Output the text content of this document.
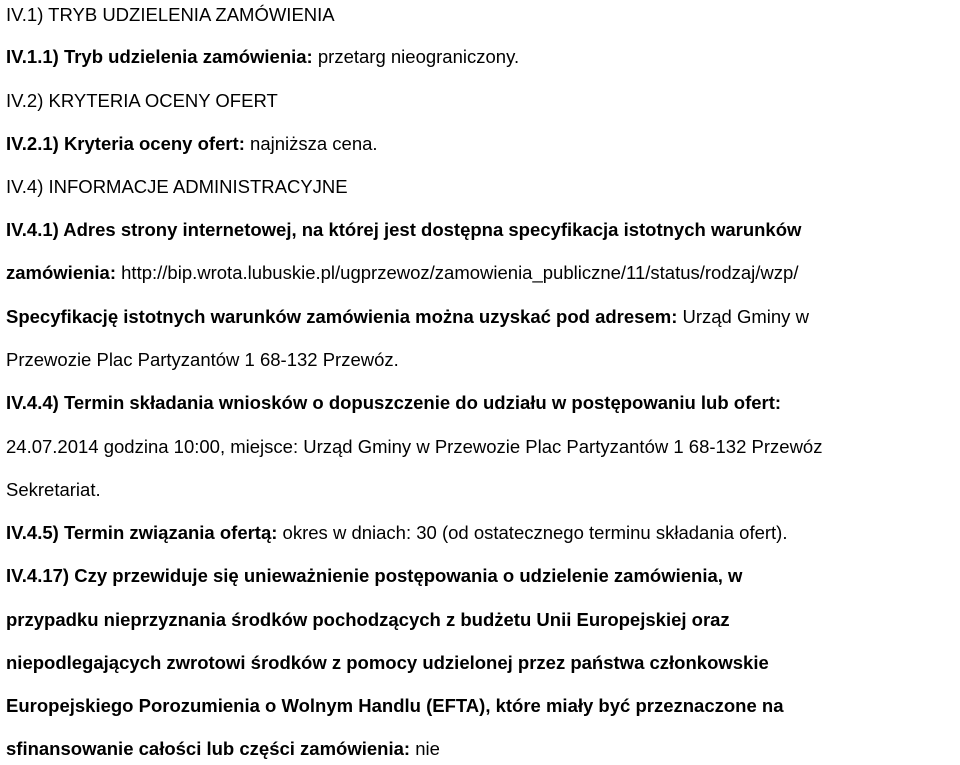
IV.1) TRYB UDZIELENIA ZAMÓWIENIA
IV.1.1) Tryb udzielenia zamówienia: przetarg nieograniczony.
IV.2) KRYTERIA OCENY OFERT
IV.2.1) Kryteria oceny ofert: najniższa cena.
IV.4) INFORMACJE ADMINISTRACYJNE
IV.4.1) Adres strony internetowej, na której jest dostępna specyfikacja istotnych warunków
zamówienia: http://bip.wrota.lubuskie.pl/ugprzewoz/zamowienia_publiczne/11/status/rodzaj/wzp/
Specyfikację istotnych warunków zamówienia można uzyskać pod adresem: Urząd Gminy w
Przewozie Plac Partyzantów 1 68-132 Przewóz.
IV.4.4) Termin składania wniosków o dopuszczenie do udziału w postępowaniu lub ofert:
24.07.2014 godzina 10:00, miejsce: Urząd Gminy w Przewozie Plac Partyzantów 1 68-132 Przewóz
Sekretariat.
IV.4.5) Termin związania ofertą: okres w dniach: 30 (od ostatecznego terminu składania ofert).
IV.4.17) Czy przewiduje się unieważnienie postępowania o udzielenie zamówienia, w
przypadku nieprzyznania środków pochodzących z budżetu Unii Europejskiej oraz
niepodlegających zwrotowi środków z pomocy udzielonej przez państwa członkowskie
Europejskiego Porozumienia o Wolnym Handlu (EFTA), które miały być przeznaczone na
sfinansowanie całości lub części zamówienia: nie
